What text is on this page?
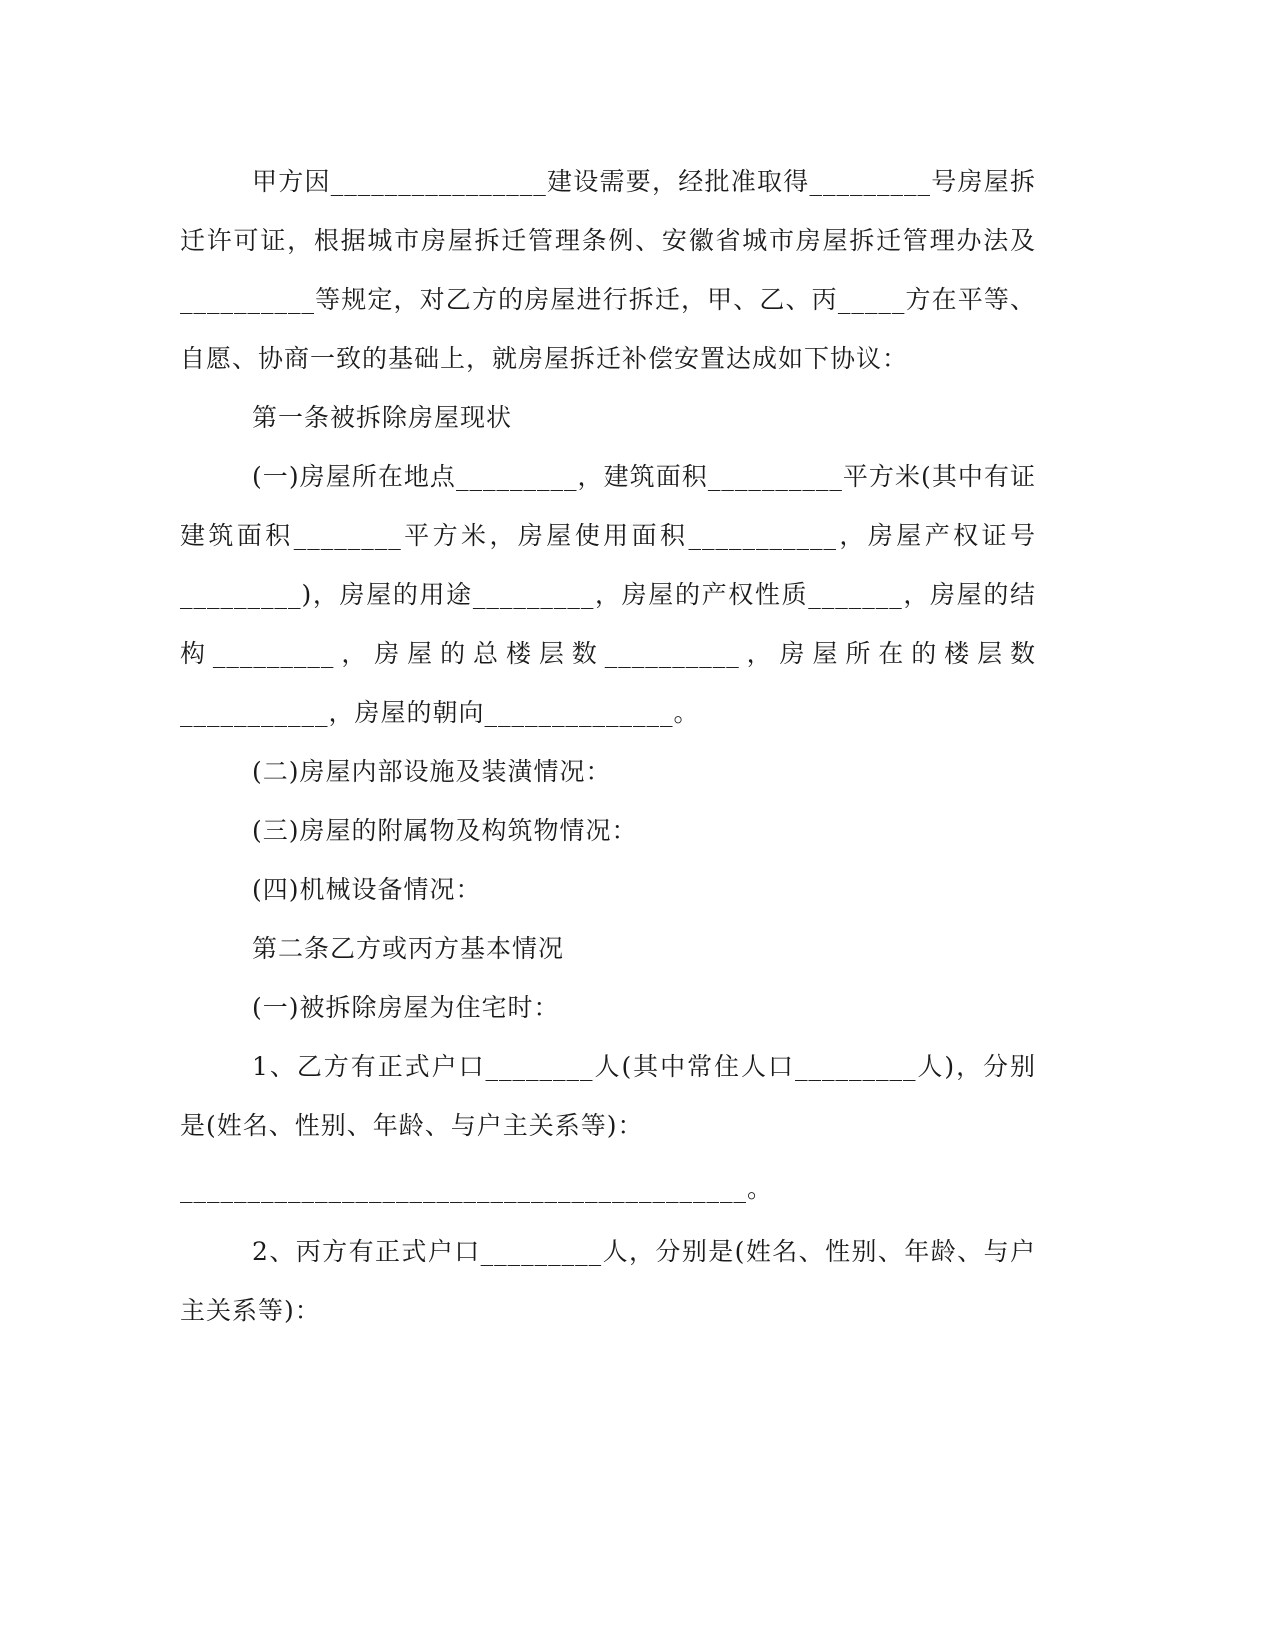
甲方因________________建设需要，经批准取得_________号房屋拆迁许可证，根据城市房屋拆迁管理条例、安徽省城市房屋拆迁管理办法及__________等规定，对乙方的房屋进行拆迁，甲、乙、丙_____方在平等、自愿、协商一致的基础上，就房屋拆迁补偿安置达成如下协议：

第一条被拆除房屋现状

(一)房屋所在地点_________，建筑面积__________平方米(其中有证建筑面积________平方米，房屋使用面积___________，房屋产权证号_________)，房屋的用途_________，房屋的产权性质_______，房屋的结构_________，房屋的总楼层数__________，房屋所在的楼层数___________，房屋的朝向______________。

(二)房屋内部设施及装潢情况：

(三)房屋的附属物及构筑物情况：

(四)机械设备情况：

第二条乙方或丙方基本情况

(一)被拆除房屋为住宅时：

1、乙方有正式户口________人(其中常住人口_________人)，分别是(姓名、性别、年龄、与户主关系等)：

__________________________________________。

2、丙方有正式户口_________人，分别是(姓名、性别、年龄、与户主关系等)：
